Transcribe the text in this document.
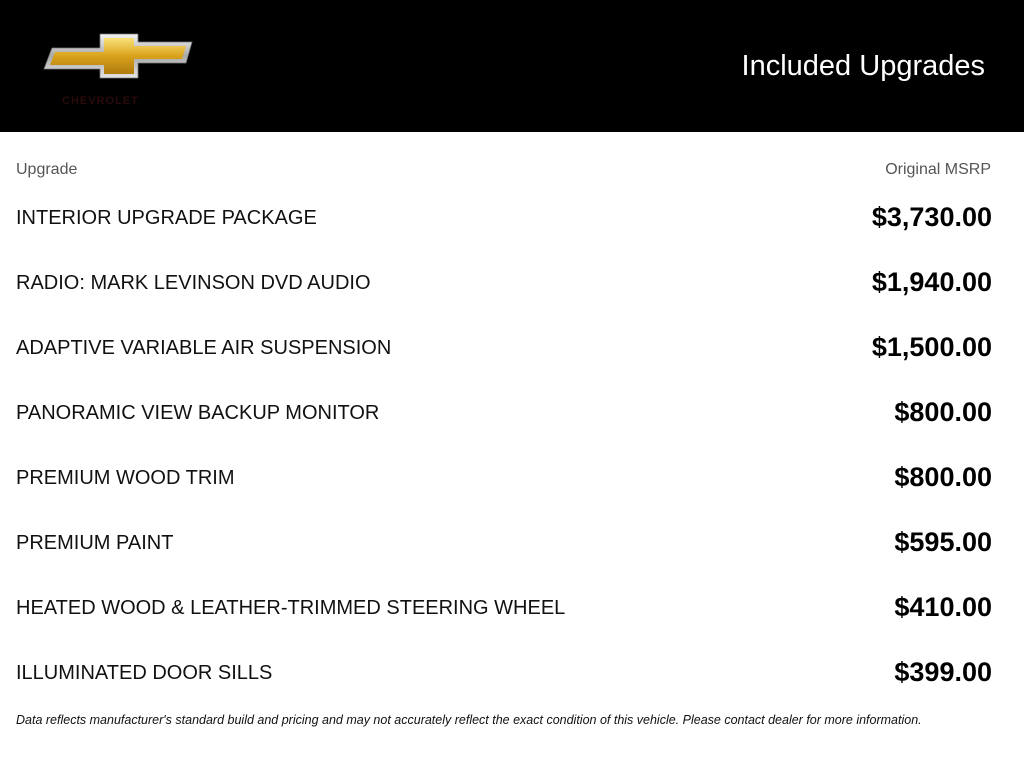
CHEVROLET
Included Upgrades
Upgrade	Original MSRP
INTERIOR UPGRADE PACKAGE	$3,730.00
RADIO: MARK LEVINSON DVD AUDIO	$1,940.00
ADAPTIVE VARIABLE AIR SUSPENSION	$1,500.00
PANORAMIC VIEW BACKUP MONITOR	$800.00
PREMIUM WOOD TRIM	$800.00
PREMIUM PAINT	$595.00
HEATED WOOD & LEATHER-TRIMMED STEERING WHEEL	$410.00
ILLUMINATED DOOR SILLS	$399.00
Data reflects manufacturer's standard build and pricing and may not accurately reflect the exact condition of this vehicle. Please contact dealer for more information.
